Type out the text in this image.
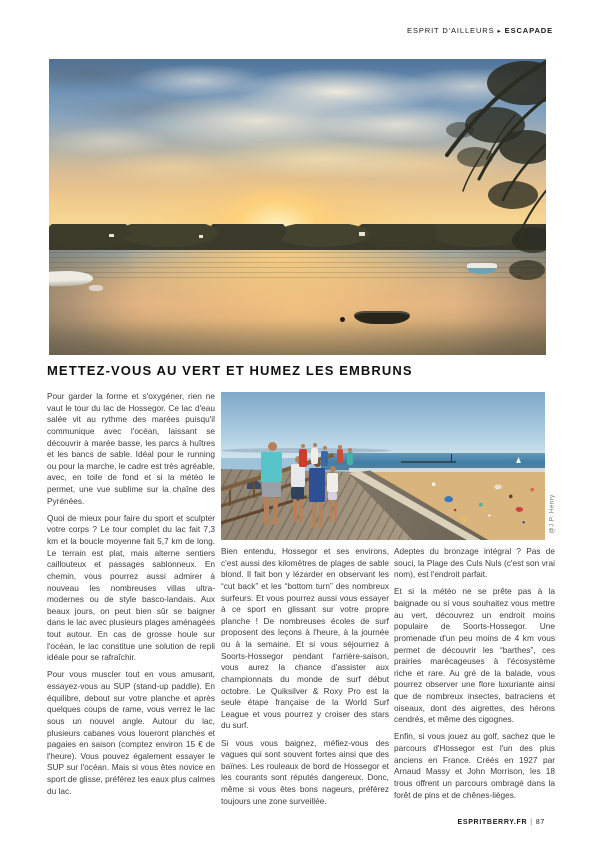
ESPRIT D'AILLEURS ▸ ESCAPADE
METTEZ-VOUS AU VERT ET HUMEZ LES EMBRUNS

Pour garder la forme et s'oxygéner, rien ne vaut le tour du lac de Hossegor. Ce lac d'eau salée vit au rythme des marées puisqu'il communique avec l'océan, laissant se découvrir à marée basse, les parcs à huîtres et les bancs de sable. Idéal pour le running ou pour la marche, le cadre est très agréable, avec, en toile de fond et si la météo le permet, une vue sublime sur la chaîne des Pyrénées.

Quoi de mieux pour faire du sport et sculpter votre corps ? Le tour complet du lac fait 7,3 km et la boucle moyenne fait 5,7 km de long. Le terrain est plat, mais alterne sentiers caillouteux et passages sablonneux. En chemin, vous pourrez aussi admirer à nouveau les nombreuses villas ultra-modernes ou de style basco-landais. Aux beaux jours, on peut bien sûr se baigner dans le lac avec plusieurs plages aménagées tout autour. En cas de grosse houle sur l'océan, le lac constitue une solution de repli idéale pour se rafraîchir.

Pour vous muscler tout en vous amusant, essayez-vous au SUP (stand-up paddle). En équilibre, debout sur votre planche et après quelques coups de rame, vous verrez le lac sous un nouvel angle. Autour du lac, plusieurs cabanes vous loueront planches et pagaies en saison (comptez environ 15 € de l'heure). Vous pouvez également essayer le SUP sur l'océan. Mais si vous êtes novice en sport de glisse, préférez les eaux plus calmes du lac.

Bien entendu, Hossegor et ses environs, c'est aussi des kilomètres de plages de sable blond. Il fait bon y lézarder en observant les “cut back” et les “bottom turn” des nombreux surfeurs. Et vous pourrez aussi vous essayer à ce sport en glissant sur votre propre planche ! De nombreuses écoles de surf proposent des leçons à l'heure, à la journée ou à la semaine. Et si vous séjournez à Soorts-Hossegor pendant l'arrière-saison, vous aurez la chance d'assister aux championnats du monde de surf début octobre. Le Quiksilver & Roxy Pro est la seule étape française de la World Surf League et vous pourrez y croiser des stars du surf.

Si vous vous baignez, méfiez-vous des vagues qui sont souvent fortes ainsi que des baïnes. Les rouleaux de bord de Hossegor et les courants sont réputés dangereux. Donc, même si vous êtes bons nageurs, préférez toujours une zone surveillée.

Adeptes du bronzage intégral ? Pas de souci, la Plage des Culs Nuls (c'est son vrai nom), est l'endroit parfait.

Et si la météo ne se prête pas à la baignade ou si vous souhaitez vous mettre au vert, découvrez un endroit moins populaire de Soorts-Hossegor. Une promenade d'un peu moins de 4 km vous permet de découvrir les “barthes”, ces prairies marécageuses à l'écosystème riche et rare. Au gré de la balade, vous pourrez observer une flore luxuriante ainsi que de nombreux insectes, batraciens et oiseaux, dont des aigrettes, des hérons cendrés, et même des cigognes.

Enfin, si vous jouez au golf, sachez que le parcours d'Hossegor est l'un des plus anciens en France. Créés en 1927 par Arnaud Massy et John Morrison, les 18 trous offrent un parcours ombragé dans la forêt de pins et de chênes-lièges.

@J.P. Henry
ESPRITBERRY.FR | 87
